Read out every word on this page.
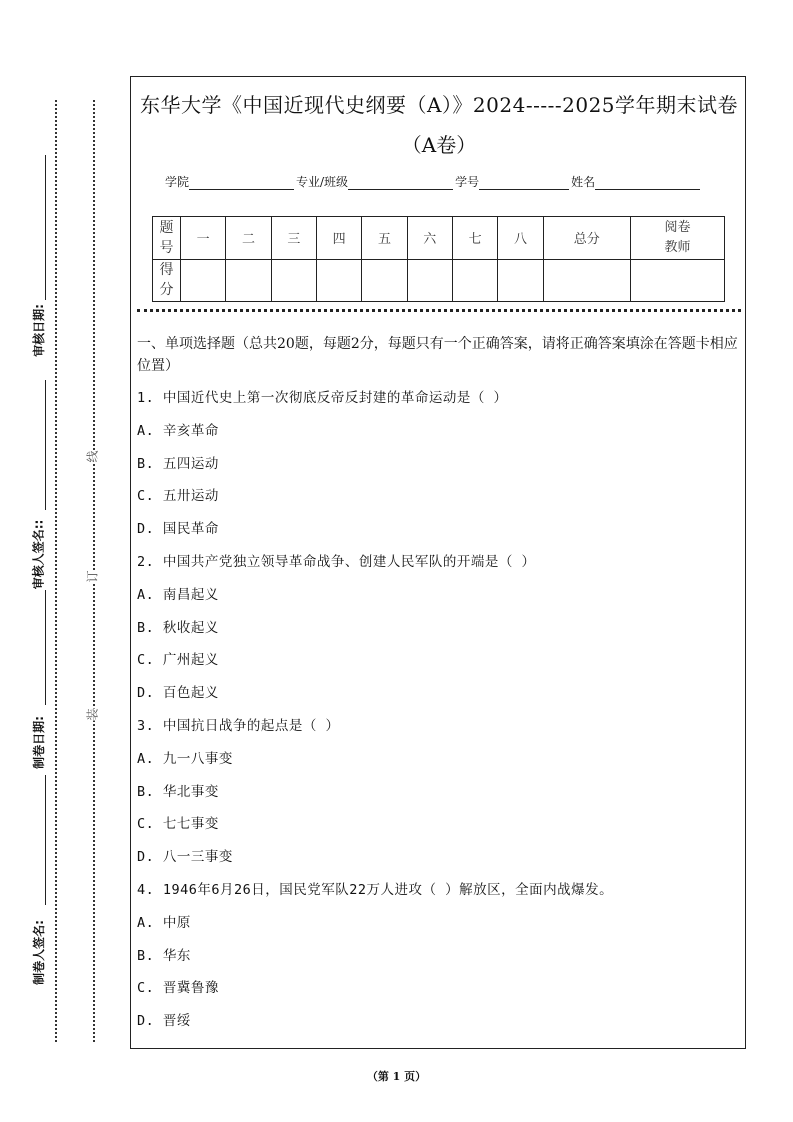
审核日期:
审核人签名::
制卷日期:
制卷人签名:
线
订
装
东华大学《中国近现代史纲要（A）》2024-----2025学年期末试卷
（A卷）
学院	专业/班级	学号	姓名
题号	一	二	三	四	五	六	七	八	总分	阅卷教师
得分										
一、单项选择题（总共20题，每题2分，每题只有一个正确答案，请将正确答案填涂在答题卡相应位置）
1. 中国近代史上第一次彻底反帝反封建的革命运动是（ ）
A. 辛亥革命
B. 五四运动
C. 五卅运动
D. 国民革命
2. 中国共产党独立领导革命战争、创建人民军队的开端是（ ）
A. 南昌起义
B. 秋收起义
C. 广州起义
D. 百色起义
3. 中国抗日战争的起点是（ ）
A. 九一八事变
B. 华北事变
C. 七七事变
D. 八一三事变
4. 1946年6月26日，国民党军队22万人进攻（ ）解放区，全面内战爆发。
A. 中原
B. 华东
C. 晋冀鲁豫
D. 晋绥
（第 1 页）
